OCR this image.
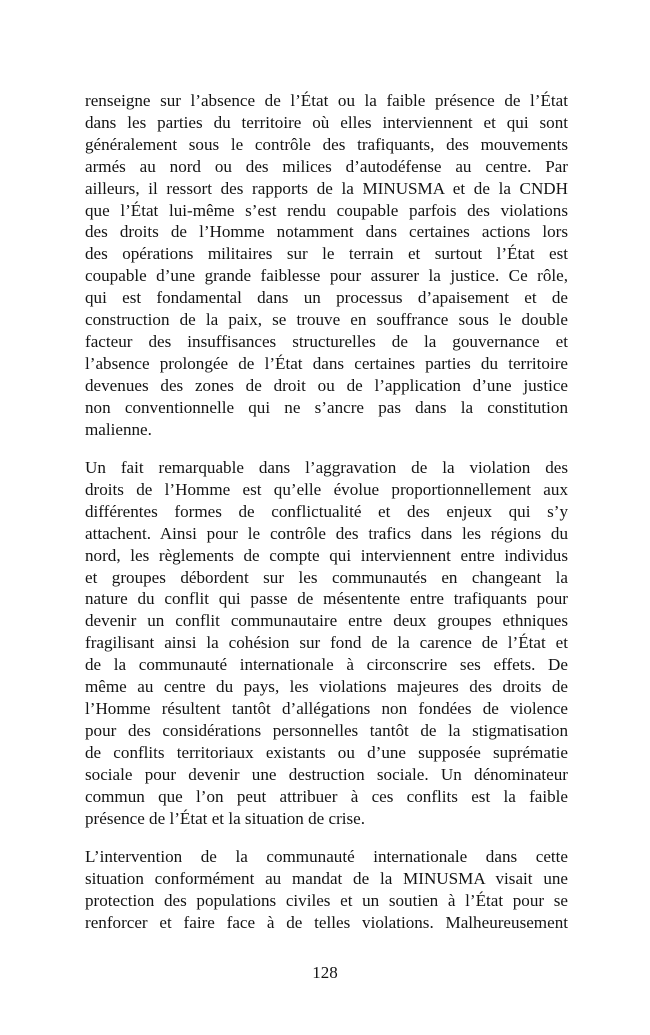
renseigne sur l’absence de l’État ou la faible présence de l’État
dans les parties du territoire où elles interviennent et qui sont
généralement sous le contrôle des trafiquants, des mouvements
armés au nord ou des milices d’autodéfense au centre. Par
ailleurs, il ressort des rapports de la MINUSMA et de la CNDH
que l’État lui-même s’est rendu coupable parfois des violations
des droits de l’Homme notamment dans certaines actions lors
des opérations militaires sur le terrain et surtout l’État est
coupable d’une grande faiblesse pour assurer la justice. Ce rôle,
qui est fondamental dans un processus d’apaisement et de
construction de la paix, se trouve en souffrance sous le double
facteur des insuffisances structurelles de la gouvernance et
l’absence prolongée de l’État dans certaines parties du territoire
devenues des zones de droit ou de l’application d’une justice
non conventionnelle qui ne s’ancre pas dans la constitution
malienne.
Un fait remarquable dans l’aggravation de la violation des
droits de l’Homme est qu’elle évolue proportionnellement aux
différentes formes de conflictualité et des enjeux qui s’y
attachent. Ainsi pour le contrôle des trafics dans les régions du
nord, les règlements de compte qui interviennent entre individus
et groupes débordent sur les communautés en changeant la
nature du conflit qui passe de mésentente entre trafiquants pour
devenir un conflit communautaire entre deux groupes ethniques
fragilisant ainsi la cohésion sur fond de la carence de l’État et
de la communauté internationale à circonscrire ses effets. De
même au centre du pays, les violations majeures des droits de
l’Homme résultent tantôt d’allégations non fondées de violence
pour des considérations personnelles tantôt de la stigmatisation
de conflits territoriaux existants ou d’une supposée suprématie
sociale pour devenir une destruction sociale. Un dénominateur
commun que l’on peut attribuer à ces conflits est la faible
présence de l’État et la situation de crise.
L’intervention de la communauté internationale dans cette
situation conformément au mandat de la MINUSMA visait une
protection des populations civiles et un soutien à l’État pour se
renforcer et faire face à de telles violations. Malheureusement
128
